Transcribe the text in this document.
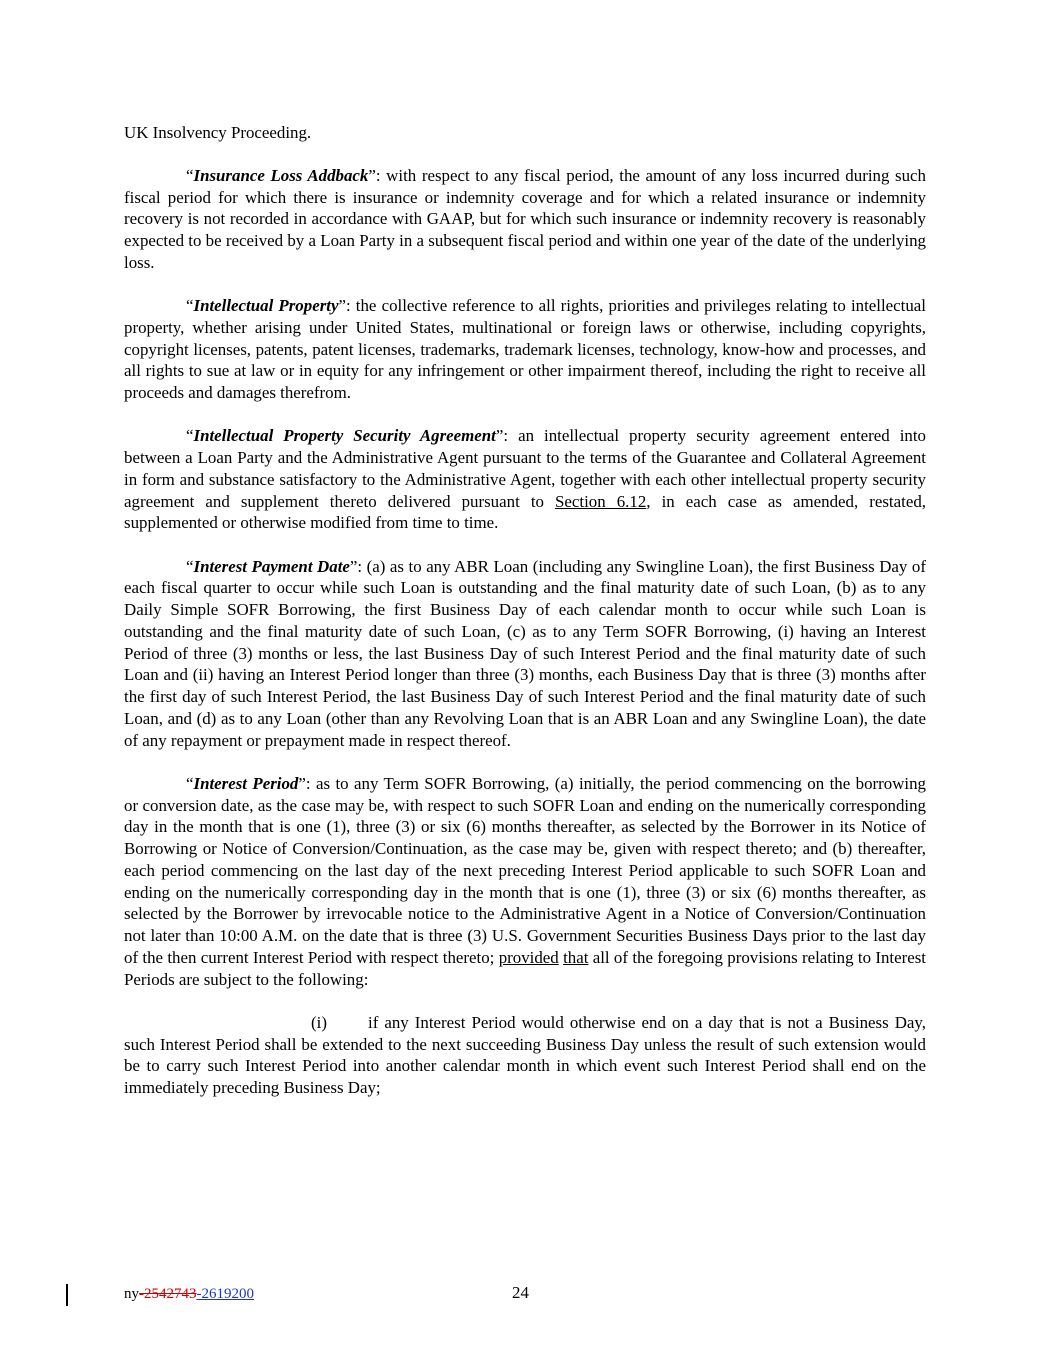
UK Insolvency Proceeding.

“Insurance Loss Addback”: with respect to any fiscal period, the amount of any loss incurred during such fiscal period for which there is insurance or indemnity coverage and for which a related insurance or indemnity recovery is not recorded in accordance with GAAP, but for which such insurance or indemnity recovery is reasonably expected to be received by a Loan Party in a subsequent fiscal period and within one year of the date of the underlying loss.

“Intellectual Property”: the collective reference to all rights, priorities and privileges relating to intellectual property, whether arising under United States, multinational or foreign laws or otherwise, including copyrights, copyright licenses, patents, patent licenses, trademarks, trademark licenses, technology, know-how and processes, and all rights to sue at law or in equity for any infringement or other impairment thereof, including the right to receive all proceeds and damages therefrom.

“Intellectual Property Security Agreement”: an intellectual property security agreement entered into between a Loan Party and the Administrative Agent pursuant to the terms of the Guarantee and Collateral Agreement in form and substance satisfactory to the Administrative Agent, together with each other intellectual property security agreement and supplement thereto delivered pursuant to Section 6.12, in each case as amended, restated, supplemented or otherwise modified from time to time.

“Interest Payment Date”: (a) as to any ABR Loan (including any Swingline Loan), the first Business Day of each fiscal quarter to occur while such Loan is outstanding and the final maturity date of such Loan, (b) as to any Daily Simple SOFR Borrowing, the first Business Day of each calendar month to occur while such Loan is outstanding and the final maturity date of such Loan, (c) as to any Term SOFR Borrowing, (i) having an Interest Period of three (3) months or less, the last Business Day of such Interest Period and the final maturity date of such Loan and (ii) having an Interest Period longer than three (3) months, each Business Day that is three (3) months after the first day of such Interest Period, the last Business Day of such Interest Period and the final maturity date of such Loan, and (d) as to any Loan (other than any Revolving Loan that is an ABR Loan and any Swingline Loan), the date of any repayment or prepayment made in respect thereof.

“Interest Period”: as to any Term SOFR Borrowing, (a) initially, the period commencing on the borrowing or conversion date, as the case may be, with respect to such SOFR Loan and ending on the numerically corresponding day in the month that is one (1), three (3) or six (6) months thereafter, as selected by the Borrower in its Notice of Borrowing or Notice of Conversion/Continuation, as the case may be, given with respect thereto; and (b) thereafter, each period commencing on the last day of the next preceding Interest Period applicable to such SOFR Loan and ending on the numerically corresponding day in the month that is one (1), three (3) or six (6) months thereafter, as selected by the Borrower by irrevocable notice to the Administrative Agent in a Notice of Conversion/Continuation not later than 10:00 A.M. on the date that is three (3) U.S. Government Securities Business Days prior to the last day of the then current Interest Period with respect thereto; provided that all of the foregoing provisions relating to Interest Periods are subject to the following:

(i) if any Interest Period would otherwise end on a day that is not a Business Day, such Interest Period shall be extended to the next succeeding Business Day unless the result of such extension would be to carry such Interest Period into another calendar month in which event such Interest Period shall end on the immediately preceding Business Day;

ny-2542743-2619200	24
